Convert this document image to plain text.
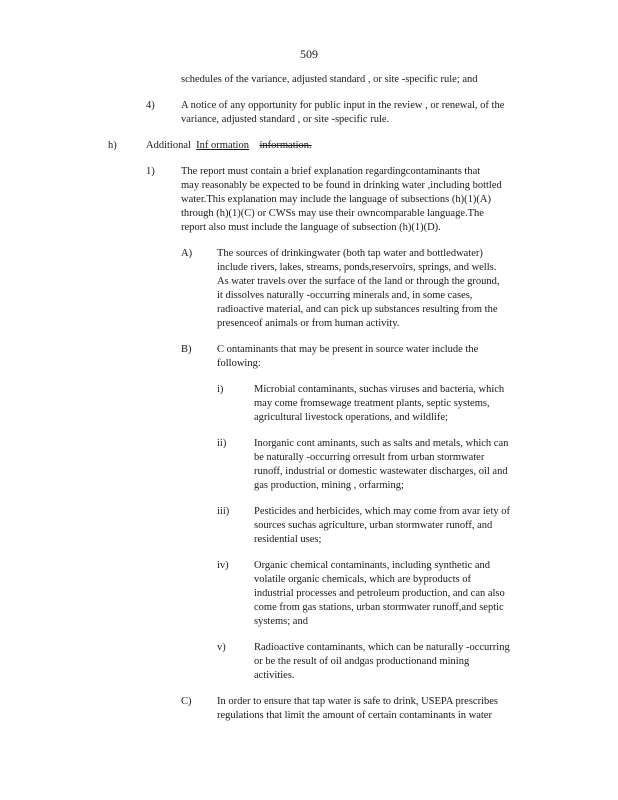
509
schedules of the variance, adjusted standard , or site -specific rule; and
4)	A notice of any opportunity for public input in the review , or renewal, of the
variance, adjusted standard , or site -specific rule.
h)	Additional Inf ormation information.
1)	The report must contain a brief explanation regardingcontaminants that
may reasonably be expected to be found in drinking water ,including bottled
water.This explanation may include the language of subsections (h)(1)(A)
through (h)(1)(C) or CWSs may use their owncomparable language.The
report also must include the language of subsection (h)(1)(D).
A) The sources of drinkingwater (both tap water and bottledwater)
include rivers, lakes, streams, ponds,reservoirs, springs, and wells.
As water travels over the surface of the land or through the ground,
it dissolves naturally -occurring minerals and, in some cases,
radioactive material, and can pick up substances resulting from the
presenceof animals or from human activity.
B) C ontaminants that may be present in source water include the
following:
i)	Microbial contaminants, suchas viruses and bacteria, which
may come fromsewage treatment plants, septic systems,
agricultural livestock operations, and wildlife;
ii)	Inorganic cont aminants, such as salts and metals, which can
be naturally -occurring orresult from urban stormwater
runoff, industrial or domestic wastewater discharges, oil and
gas production, mining , orfarming;
iii) Pesticides and herbicides, which may come from avar iety of
sources suchas agriculture, urban stormwater runoff, and
residential uses;
iv) Organic chemical contaminants, including synthetic and
volatile organic chemicals, which are byproducts of
industrial processes and petroleum production, and can also
come from gas stations, urban stormwater runoff,and septic
systems; and
v)	Radioactive contaminants, which can be naturally -occurring
or be the result of oil andgas productionand mining
activities.
C) In order to ensure that tap water is safe to drink, USEPA prescribes
regulations that limit the amount of certain contaminants in water
